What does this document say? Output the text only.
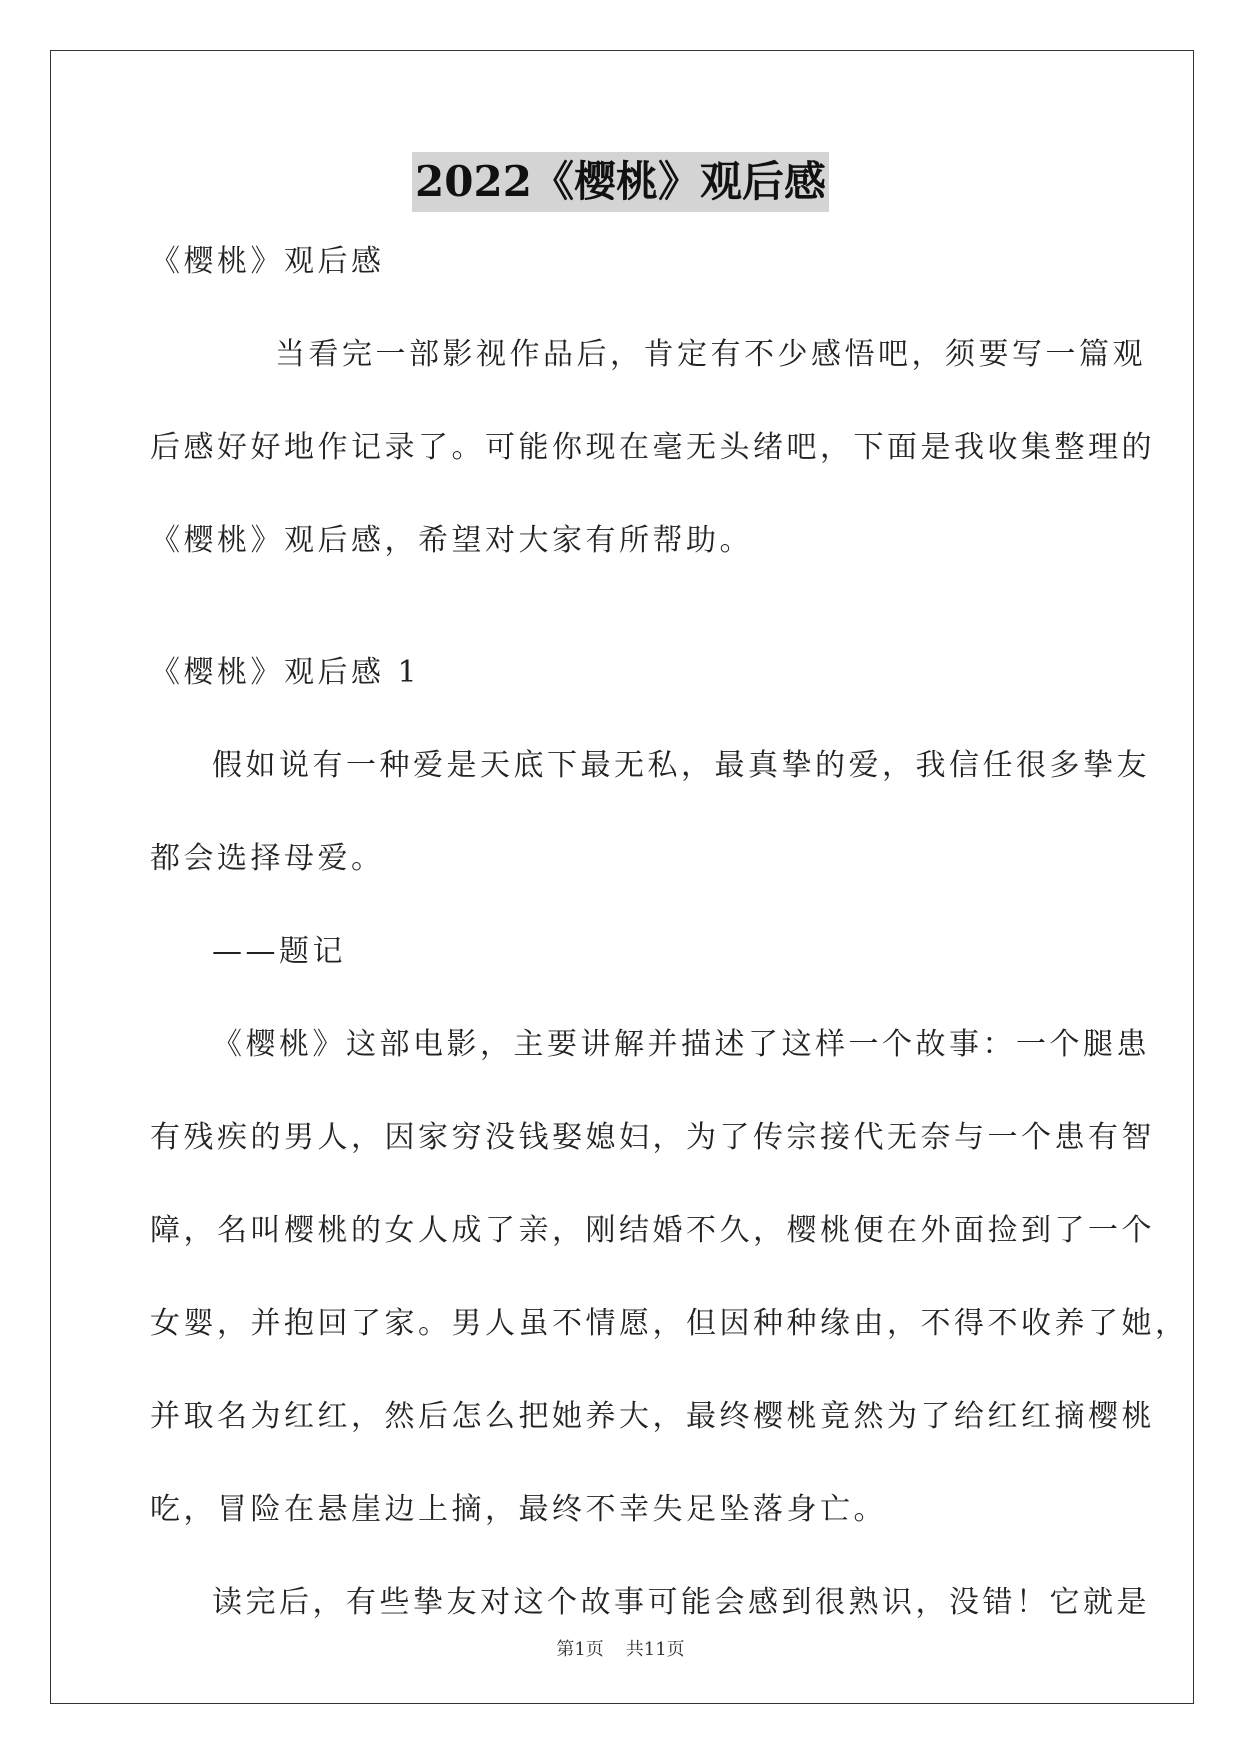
2022《樱桃》观后感
《樱桃》观后感
当看完一部影视作品后，肯定有不少感悟吧，须要写一篇观
后感好好地作记录了。可能你现在毫无头绪吧，下面是我收集整理的
《樱桃》观后感，希望对大家有所帮助。
《樱桃》观后感 1
假如说有一种爱是天底下最无私，最真挚的爱，我信任很多挚友
都会选择母爱。
——题记
《樱桃》这部电影，主要讲解并描述了这样一个故事：一个腿患
有残疾的男人，因家穷没钱娶媳妇，为了传宗接代无奈与一个患有智
障，名叫樱桃的女人成了亲，刚结婚不久，樱桃便在外面捡到了一个
女婴，并抱回了家。男人虽不情愿，但因种种缘由，不得不收养了她，
并取名为红红，然后怎么把她养大，最终樱桃竟然为了给红红摘樱桃
吃，冒险在悬崖边上摘，最终不幸失足坠落身亡。
读完后，有些挚友对这个故事可能会感到很熟识，没错！它就是
第1页 共11页
